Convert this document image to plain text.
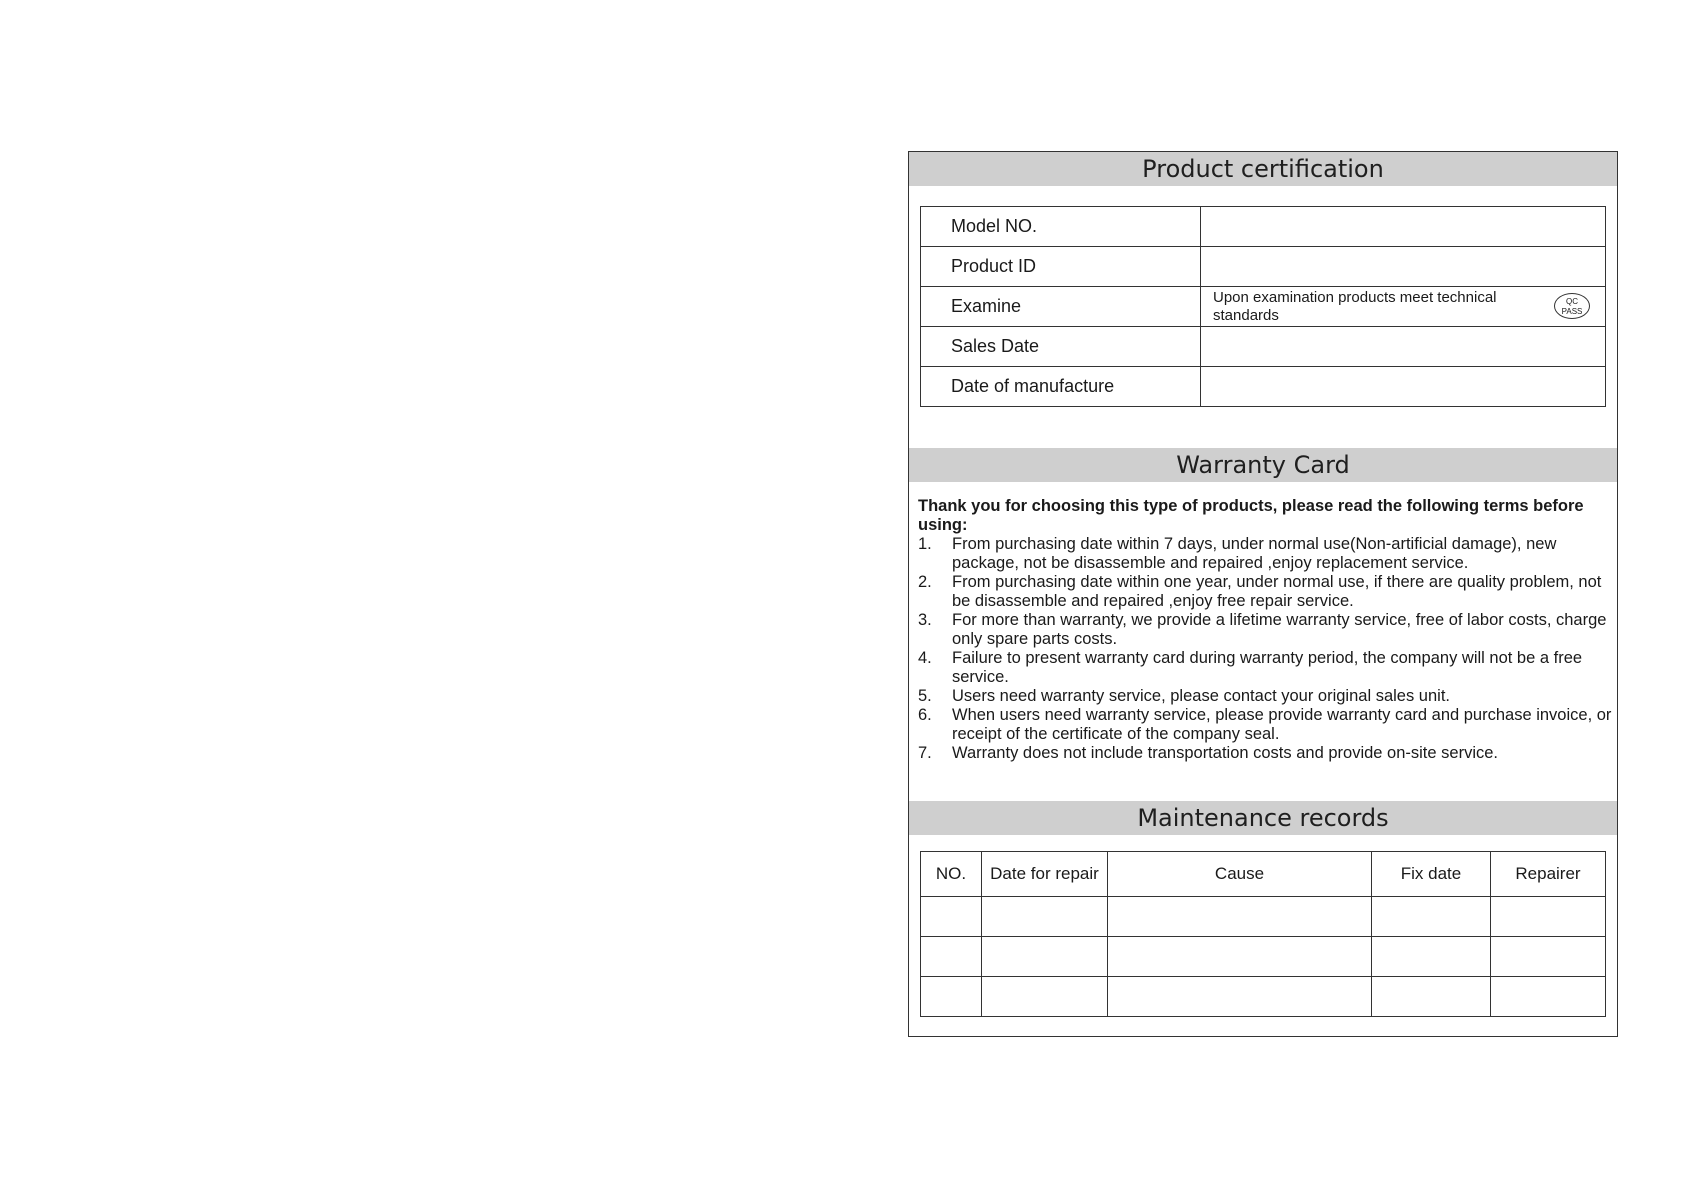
Product certification
Model NO.	
Product ID	
Examine	Upon examination products meet technical standards
QC
PASS

Sales Date	
Date of manufacture	
Warranty Card
Thank you for choosing this type of products, please read the following terms before using:
1. From purchasing date within 7 days, under normal use(Non-artificial damage), new package, not be disassemble and repaired ,enjoy replacement service.
2. From purchasing date within one year, under normal use, if there are quality problem, not be disassemble and repaired ,enjoy free repair service.
3. For more than warranty, we provide a lifetime warranty service, free of labor costs, charge only spare parts costs.
4. Failure to present warranty card during warranty period, the company will not be a free service.
5. Users need warranty service, please contact your original sales unit.
6. When users need warranty service, please provide warranty card and purchase invoice, or receipt of the certificate of the company seal.
7. Warranty does not include transportation costs and provide on-site service.
Maintenance records
NO.	Date for repair	Cause	Fix date	Repairer
